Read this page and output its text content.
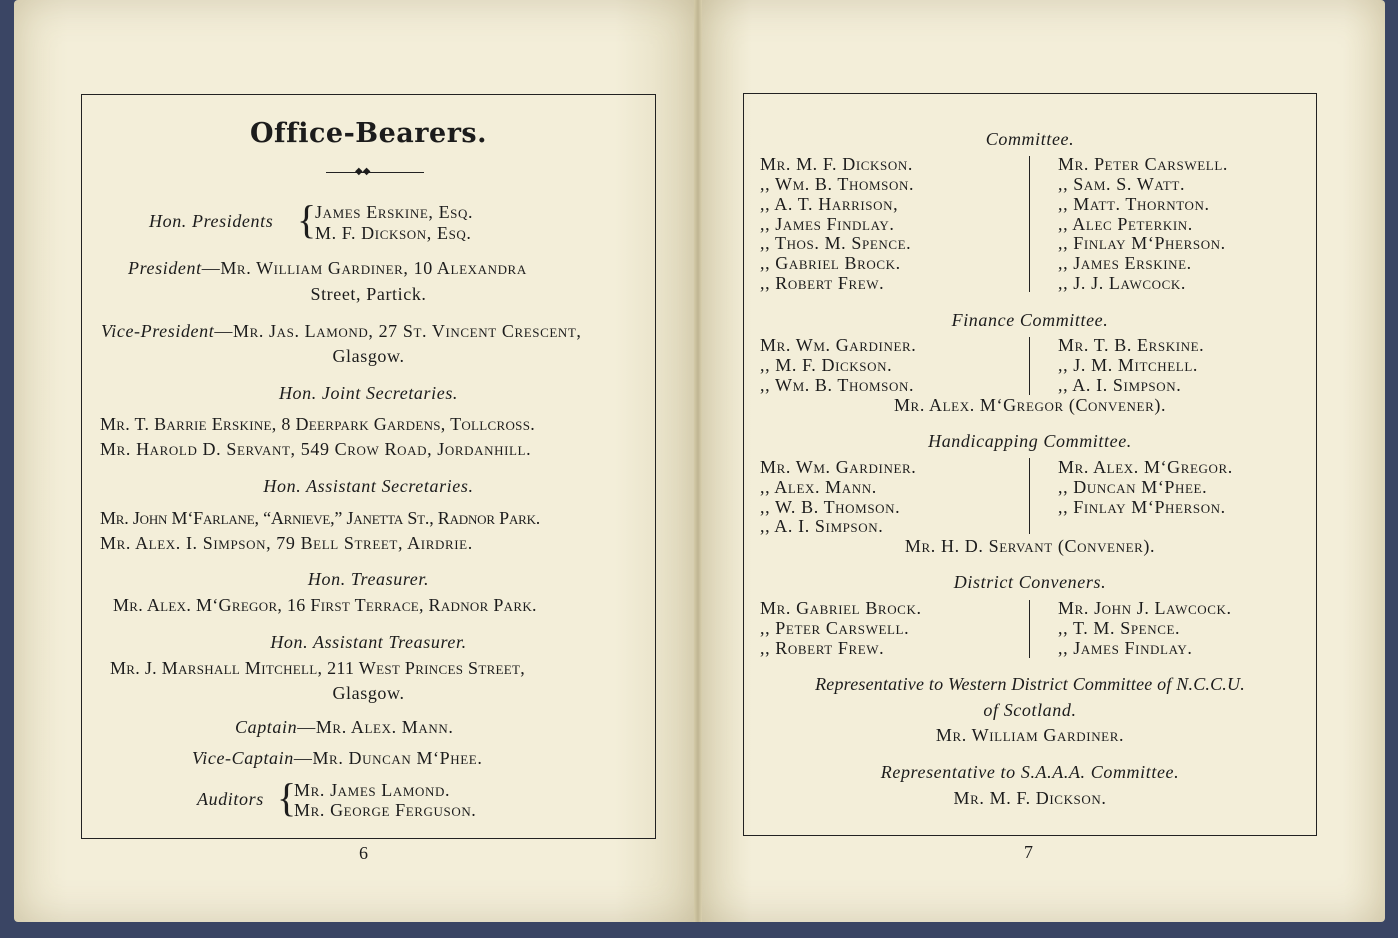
Office-Bearers.
◆◆
Hon. Presidents {
James Erskine, Esq.
M. F. Dickson, Esq.
President—Mr. William Gardiner, 10 Alexandra
Street, Partick.
Vice-President—Mr. Jas. Lamond, 27 St. Vincent Crescent,
Glasgow.
Hon. Joint Secretaries.
Mr. T. Barrie Erskine, 8 Deerpark Gardens, Tollcross.
Mr. Harold D. Servant, 549 Crow Road, Jordanhill.
Hon. Assistant Secretaries.
Mr. John M‘Farlane, “Arnieve,” Janetta St., Radnor Park.
Mr. Alex. I. Simpson, 79 Bell Street, Airdrie.
Hon. Treasurer.
Mr. Alex. M‘Gregor, 16 First Terrace, Radnor Park.
Hon. Assistant Treasurer.
Mr. J. Marshall Mitchell, 211 West Princes Street,
Glasgow.
Captain—Mr. Alex. Mann.
Vice-Captain—Mr. Duncan M‘Phee.
Auditors {
Mr. James Lamond.
Mr. George Ferguson.
6
Committee.
Mr. M. F. Dickson.
,, Wm. B. Thomson.
,, A. T. Harrison,
,, James Findlay.
,, Thos. M. Spence.
,, Gabriel Brock.
,, Robert Frew.
Mr. Peter Carswell.
,, Sam. S. Watt.
,, Matt. Thornton.
,, Alec Peterkin.
,, Finlay M‘Pherson.
,, James Erskine.
,, J. J. Lawcock.
Finance Committee.
Mr. Wm. Gardiner.
,, M. F. Dickson.
,, Wm. B. Thomson.
Mr. T. B. Erskine.
,, J. M. Mitchell.
,, A. I. Simpson.
Mr. Alex. M‘Gregor (Convener).
Handicapping Committee.
Mr. Wm. Gardiner.
,, Alex. Mann.
,, W. B. Thomson.
,, A. I. Simpson.
Mr. Alex. M‘Gregor.
,, Duncan M‘Phee.
,, Finlay M‘Pherson.
Mr. H. D. Servant (Convener).
District Conveners.
Mr. Gabriel Brock.
,, Peter Carswell.
,, Robert Frew.
Mr. John J. Lawcock.
,, T. M. Spence.
,, James Findlay.
Representative to Western District Committee of N.C.C.U.
of Scotland.
Mr. William Gardiner.
Representative to S.A.A.A. Committee.
Mr. M. F. Dickson.
7
